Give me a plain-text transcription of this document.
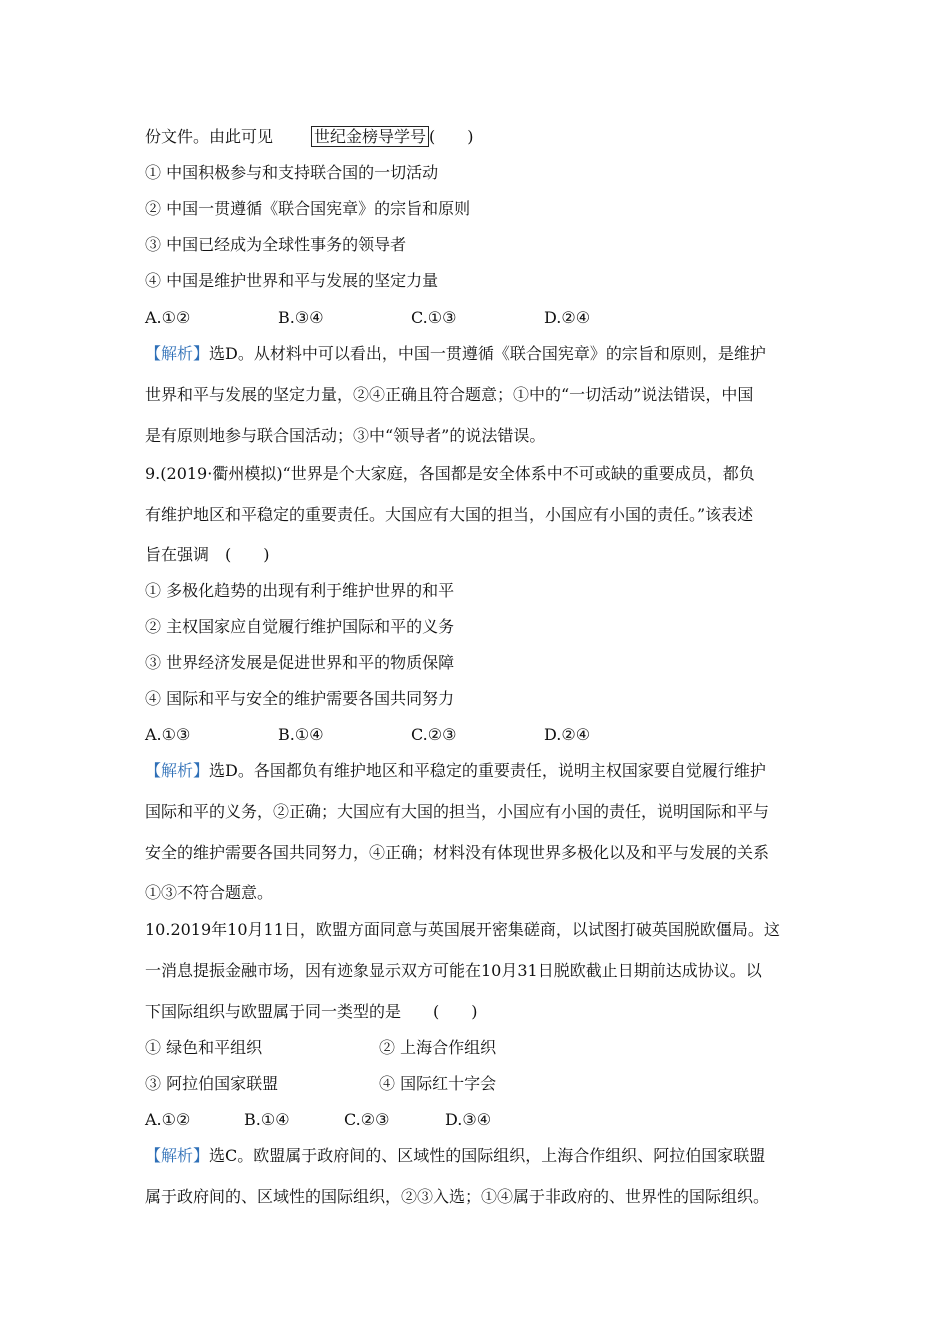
份文件。由此可见	世纪金榜导学号 (　　)
① 中国积极参与和支持联合国的一切活动
② 中国一贯遵循《联合国宪章》的宗旨和原则
③ 中国已经成为全球性事务的领导者
④ 中国是维护世界和平与发展的坚定力量
A.①②	B.③④	C.①③	D.②④
【解析】选D。从材料中可以看出，中国一贯遵循《联合国宪章》的宗旨和原则，是维护
世界和平与发展的坚定力量，②④正确且符合题意；①中的“一切活动”说法错误，中国
是有原则地参与联合国活动；③中“领导者”的说法错误。
9.(2019·衢州模拟)“世界是个大家庭，各国都是安全体系中不可或缺的重要成员，都负
有维护地区和平稳定的重要责任。大国应有大国的担当，小国应有小国的责任。”该表述
旨在强调　(　　)
① 多极化趋势的出现有利于维护世界的和平
② 主权国家应自觉履行维护国际和平的义务
③ 世界经济发展是促进世界和平的物质保障
④ 国际和平与安全的维护需要各国共同努力
A.①③	B.①④	C.②③	D.②④
【解析】选D。各国都负有维护地区和平稳定的重要责任，说明主权国家要自觉履行维护
国际和平的义务，②正确；大国应有大国的担当，小国应有小国的责任，说明国际和平与
安全的维护需要各国共同努力，④正确；材料没有体现世界多极化以及和平与发展的关系
①③不符合题意。
10.2019年10月11日，欧盟方面同意与英国展开密集磋商，以试图打破英国脱欧僵局。这
一消息提振金融市场，因有迹象显示双方可能在10月31日脱欧截止日期前达成协议。以
下国际组织与欧盟属于同一类型的是　　(　　)
① 绿色和平组织	② 上海合作组织
③ 阿拉伯国家联盟	④ 国际红十字会
A.①②	B.①④	C.②③	D.③④
【解析】选C。欧盟属于政府间的、区域性的国际组织，上海合作组织、阿拉伯国家联盟
属于政府间的、区域性的国际组织，②③入选；①④属于非政府的、世界性的国际组织。
